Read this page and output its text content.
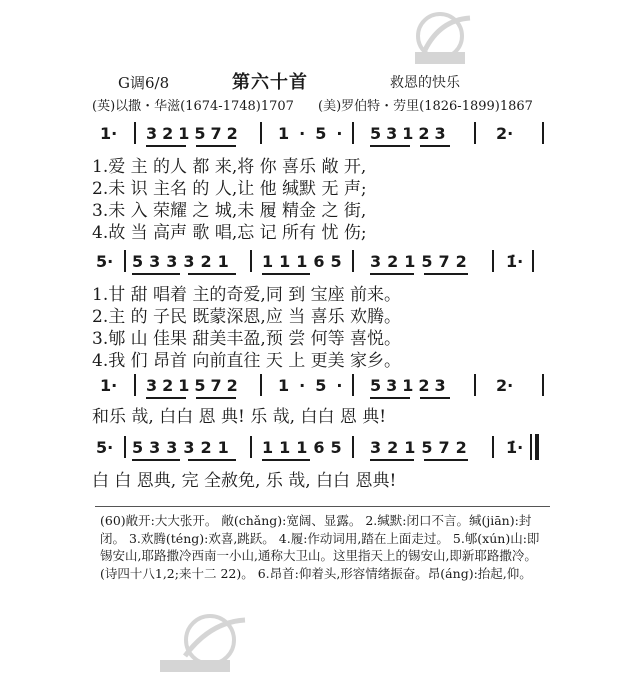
G调6/8	第六十首	救恩的快乐
(英)以撒・华滋(1674-1748)1707 (美)罗伯特・劳里(1826-1899)1867
1· 321572 1·5· 53123	2·
1.爱 主 的人 都 来,将 你 喜乐 敞 开,
2.未 识 主名 的 人,让 他 缄默 无 声;
3.未 入 荣耀 之 城,未 履 精金 之 街,
4.故 当 高声 歌 唱,忘 记 所有 忧 伤;
5· 533321 11165 321572 1̇·
1.甘 甜 唱着 主的奇爱,同 到 宝座 前来。
2.主 的 子民 既蒙深恩,应 当 喜乐 欢腾。
3.郇 山 佳果 甜美丰盈,预 尝 何等 喜悦。
4.我 们 昂首 向前直往 天 上 更美 家乡。
1· 321572 1·5· 53123	2·
和乐 哉, 白白 恩 典! 乐 哉, 白白 恩 典!
5· 533321 11165 321572 1̇·
白 白 恩典, 完 全赦免, 乐 哉, 白白 恩典!
(60)敞开:大大张开。 敞(chǎng):宽阔、显露。 2.缄默:闭口不言。缄(jiān):封闭。 3.欢腾(téng):欢喜,跳跃。 4.履:作动词用,踏在上面走过。 5.郇(xún)山:即锡安山,耶路撒冷西南一小山,通称大卫山。这里指天上的锡安山,即新耶路撒冷。(诗四十八1,2;来十二 22)。 6.昂首:仰着头,形容情绪振奋。昂(áng):抬起,仰。
